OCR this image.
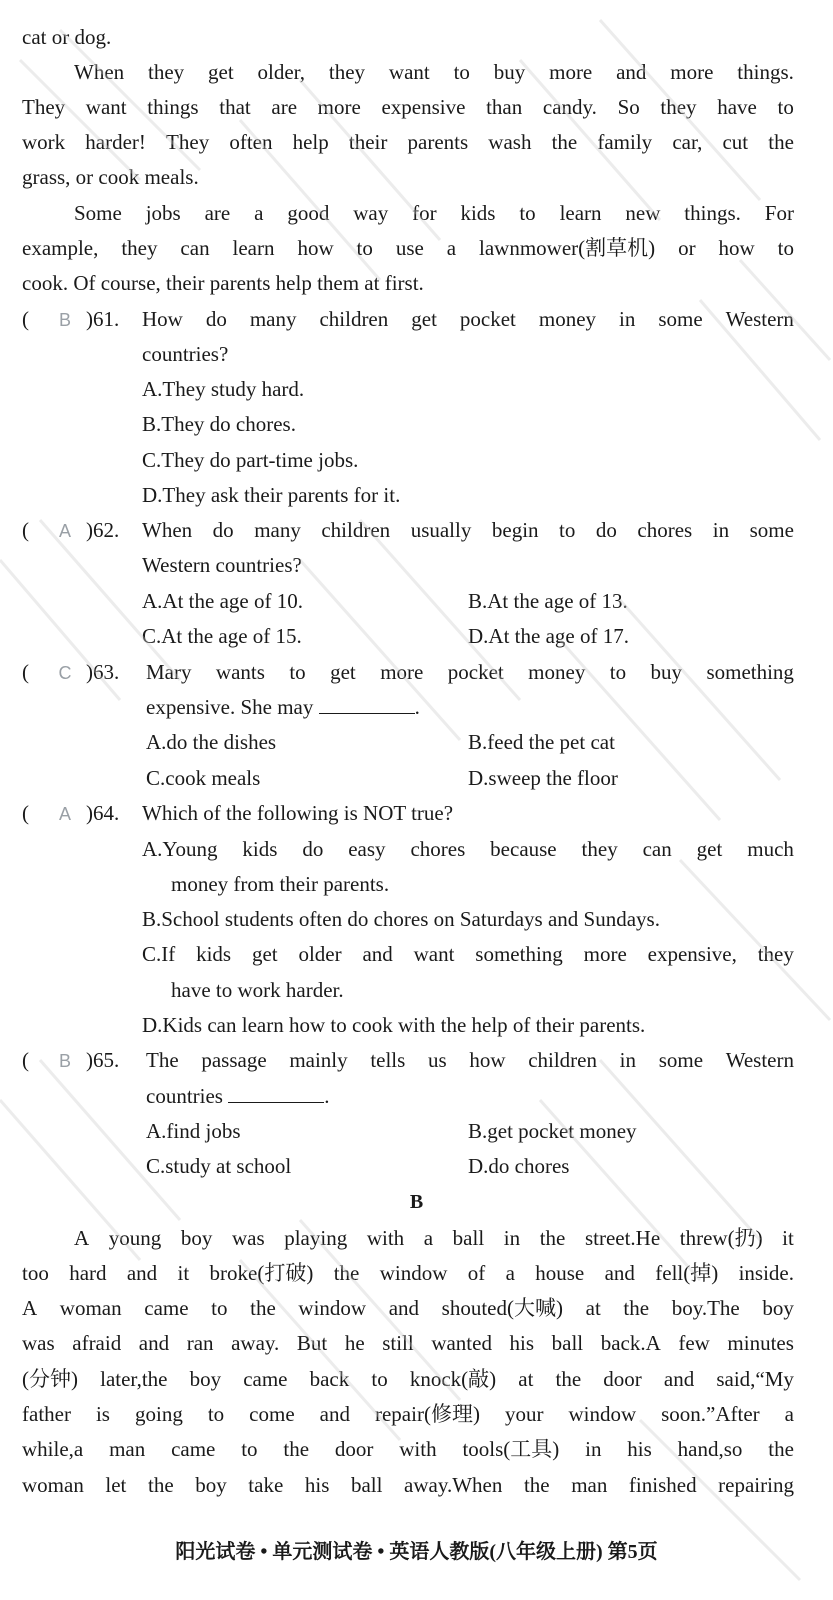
cat or dog.
When they get older, they want to buy more and more things.
They want things that are more expensive than candy. So they have to
work harder! They often help their parents wash the family car, cut the
grass, or cook meals.
Some jobs are a good way for kids to learn new things. For
example, they can learn how to use a lawnmower(割草机) or how to
cook. Of course, their parents help them at first.
( B )61. How do many children get pocket money in some Western
countries?
A.They study hard.
B.They do chores.
C.They do part-time jobs.
D.They ask their parents for it.
( A )62. When do many children usually begin to do chores in some
Western countries?
A.At the age of 10.	B.At the age of 13.
C.At the age of 15.	D.At the age of 17.
( C )63. Mary wants to get more pocket money to buy something
expensive. She may	.
A.do the dishes	B.feed the pet cat
C.cook meals	D.sweep the floor
( A )64. Which of the following is NOT true?
A.Young kids do easy chores because they can get much
money from their parents.
B.School students often do chores on Saturdays and Sundays.
C.If kids get older and want something more expensive, they
have to work harder.
D.Kids can learn how to cook with the help of their parents.
( B )65. The passage mainly tells us how children in some Western
countries	.
A.find jobs	B.get pocket money
C.study at school	D.do chores
B
A young boy was playing with a ball in the street.He threw(扔) it
too hard and it broke(打破) the window of a house and fell(掉) inside.
A woman came to the window and shouted(大喊) at the boy.The boy
was afraid and ran away. But he still wanted his ball back.A few minutes
(分钟) later,the boy came back to knock(敲) at the door and said,“My
father is going to come and repair(修理) your window soon.”After a
while,a man came to the door with tools(工具) in his hand,so the
woman let the boy take his ball away.When the man finished repairing
阳光试卷 • 单元测试卷 • 英语人教版(八年级上册) 第5页
